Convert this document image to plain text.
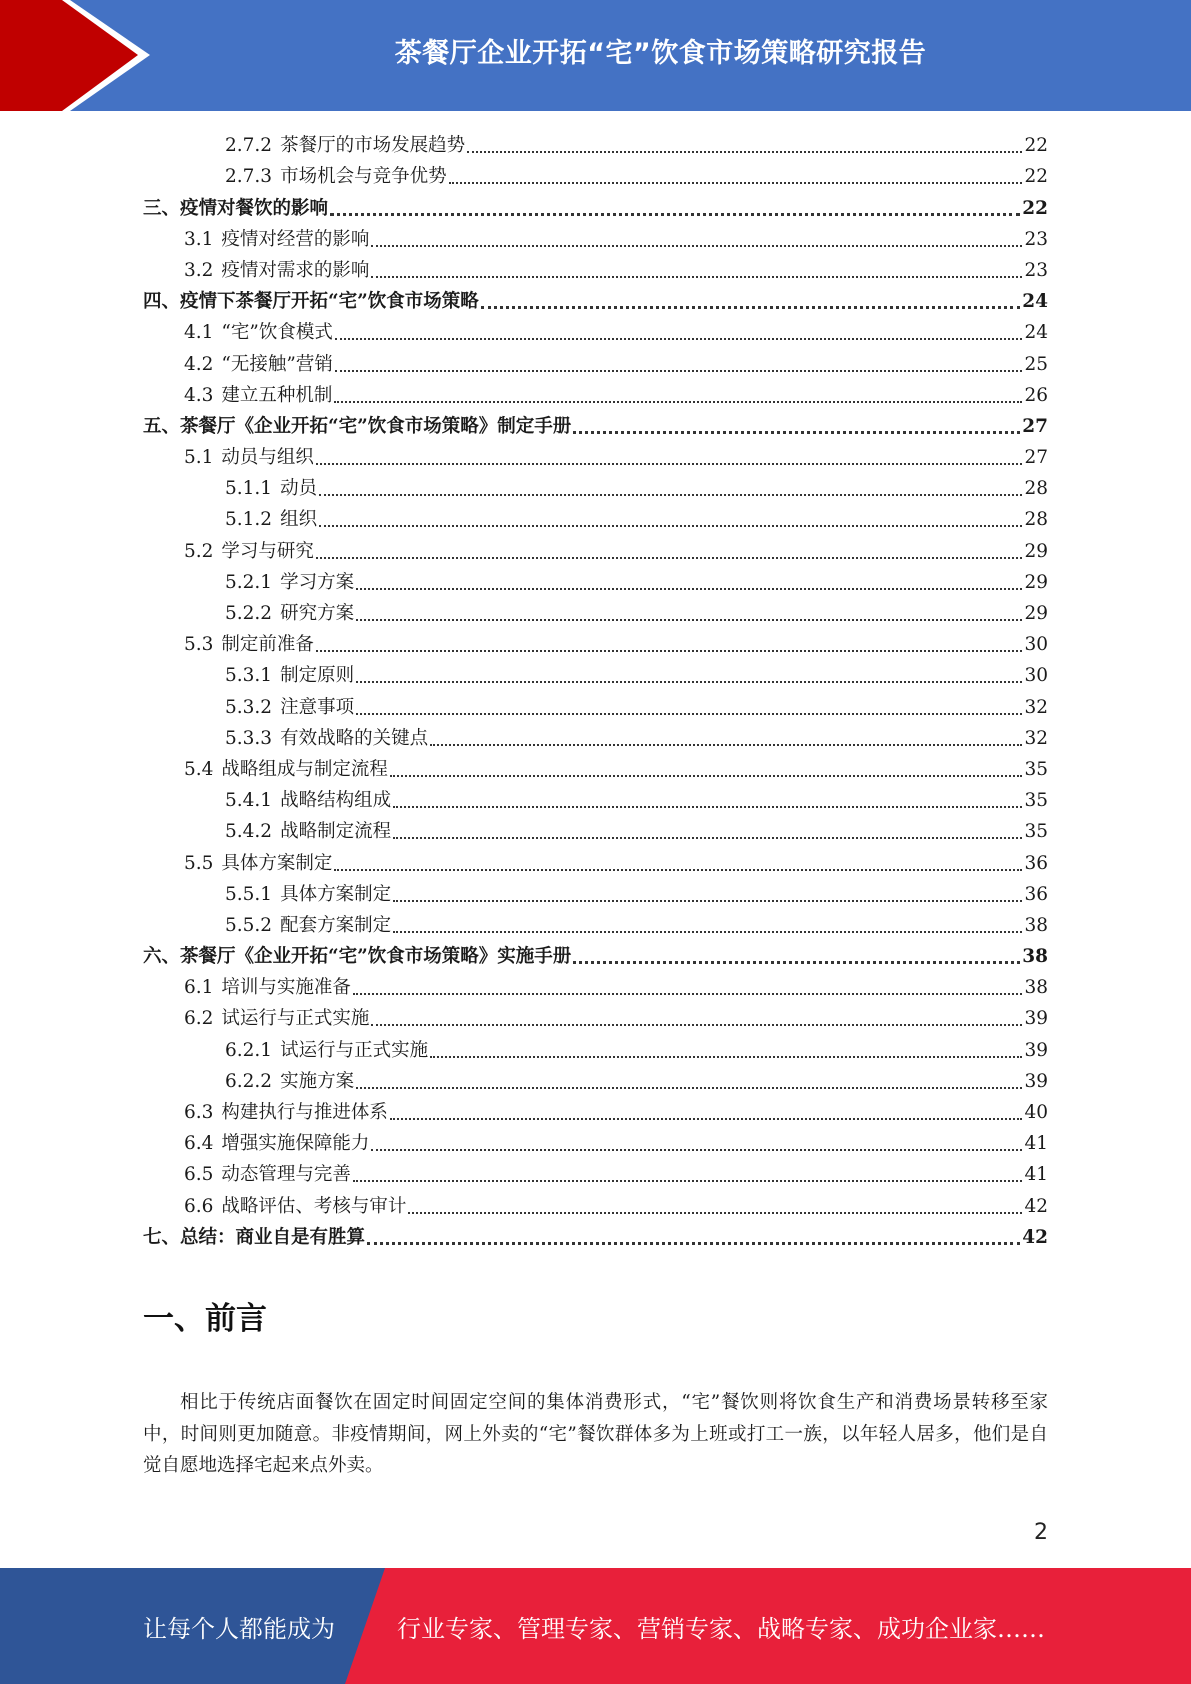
茶餐厅企业开拓“宅”饮食市场策略研究报告
2.7.2 茶餐厅的市场发展趋势	22
2.7.3 市场机会与竞争优势	22
三、疫情对餐饮的影响	22
3.1 疫情对经营的影响	23
3.2 疫情对需求的影响	23
四、疫情下茶餐厅开拓“宅”饮食市场策略	24
4.1 “宅”饮食模式	24
4.2 “无接触”营销	25
4.3 建立五种机制	26
五、茶餐厅《企业开拓“宅”饮食市场策略》制定手册	27
5.1 动员与组织	27
5.1.1 动员	28
5.1.2 组织	28
5.2 学习与研究	29
5.2.1 学习方案	29
5.2.2 研究方案	29
5.3 制定前准备	30
5.3.1 制定原则	30
5.3.2 注意事项	32
5.3.3 有效战略的关键点	32
5.4 战略组成与制定流程	35
5.4.1 战略结构组成	35
5.4.2 战略制定流程	35
5.5 具体方案制定	36
5.5.1 具体方案制定	36
5.5.2 配套方案制定	38
六、茶餐厅《企业开拓“宅”饮食市场策略》实施手册	38
6.1 培训与实施准备	38
6.2 试运行与正式实施	39
6.2.1 试运行与正式实施	39
6.2.2 实施方案	39
6.3 构建执行与推进体系	40
6.4 增强实施保障能力	41
6.5 动态管理与完善	41
6.6 战略评估、考核与审计	42
七、总结：商业自是有胜算	42
一、前言
相比于传统店面餐饮在固定时间固定空间的集体消费形式，“宅”餐饮则将饮食生产和消费场景转移至家中，时间则更加随意。非疫情期间，网上外卖的“宅”餐饮群体多为上班或打工一族，以年轻人居多，他们是自觉自愿地选择宅起来点外卖。
2
让每个人都能成为	行业专家、管理专家、营销专家、战略专家、成功企业家……
